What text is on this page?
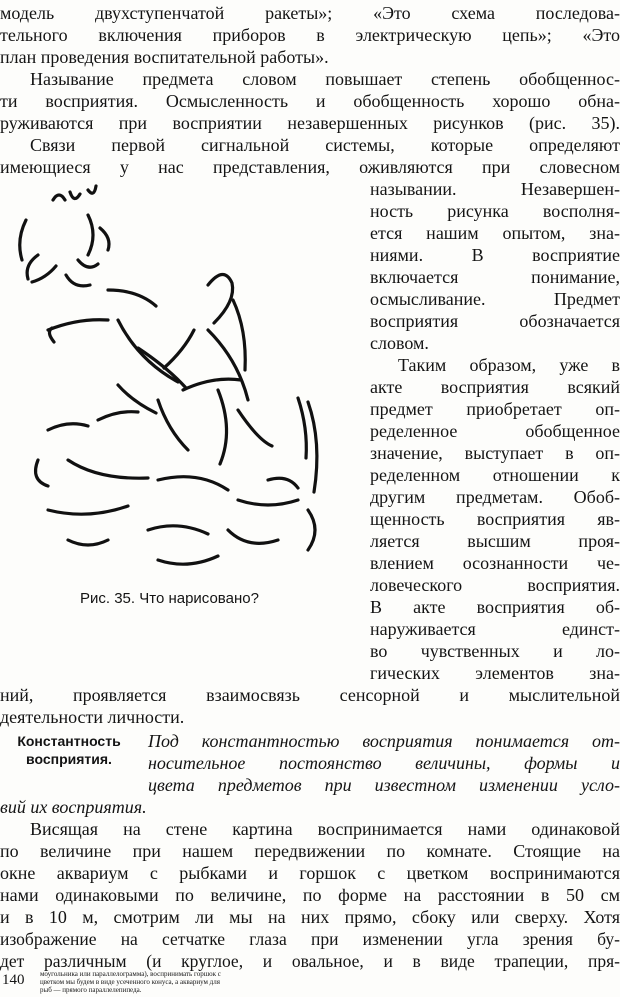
модель двухступенчатой ракеты»; «Это схема последова-

тельного включения приборов в электрическую цепь»; «Это

план проведения воспитательной работы».

Называние предмета словом повышает степень обобщеннос-

ти восприятия. Осмысленность и обобщенность хорошо обна-

руживаются при восприятии незавершенных рисунков (рис. 35).

Связи первой сигнальной системы, которые определяют

имеющиеся у нас представления, оживляются при словесном

назывании. Незавершен-

ность рисунка восполня-

ется нашим опытом, зна-

ниями. В восприятие

включается понимание,

осмысливание. Предмет

восприятия обозначается

словом.

Таким образом, уже в

акте восприятия всякий

предмет приобретает оп-

ределенное обобщенное

значение, выступает в оп-

ределенном отношении к

другим предметам. Обоб-

щенность восприятия яв-

ляется высшим проя-

влением осознанности че-

ловеческого восприятия.

В акте восприятия об-

наруживается единст-

во чувственных и ло-

гических элементов зна-

Рис. 35. Что нарисовано?

ний, проявляется взаимосвязь сенсорной и мыслительной

деятельности личности.

Константность восприятия.

Под константностью восприятия понимается от-

носительное постоянство величины, формы и

цвета предметов при известном изменении усло-

вий их восприятия.

Висящая на стене картина воспринимается нами одинаковой

по величине при нашем передвижении по комнате. Стоящие на

окне аквариум с рыбками и горшок с цветком воспринимаются

нами одинаковыми по величине, по форме на расстоянии в 50 см

и в 10 м, смотрим ли мы на них прямо, сбоку или сверху. Хотя

изображение на сетчатке глаза при изменении угла зрения бу-

дет различным (и круглое, и овальное, и в виде трапеции, пря-

140 моугольника или параллелограмма), воспринимать горшок с
цветком мы будем в виде усеченного конуса, а аквариум для
рыб — прямого параллелепипеда.
